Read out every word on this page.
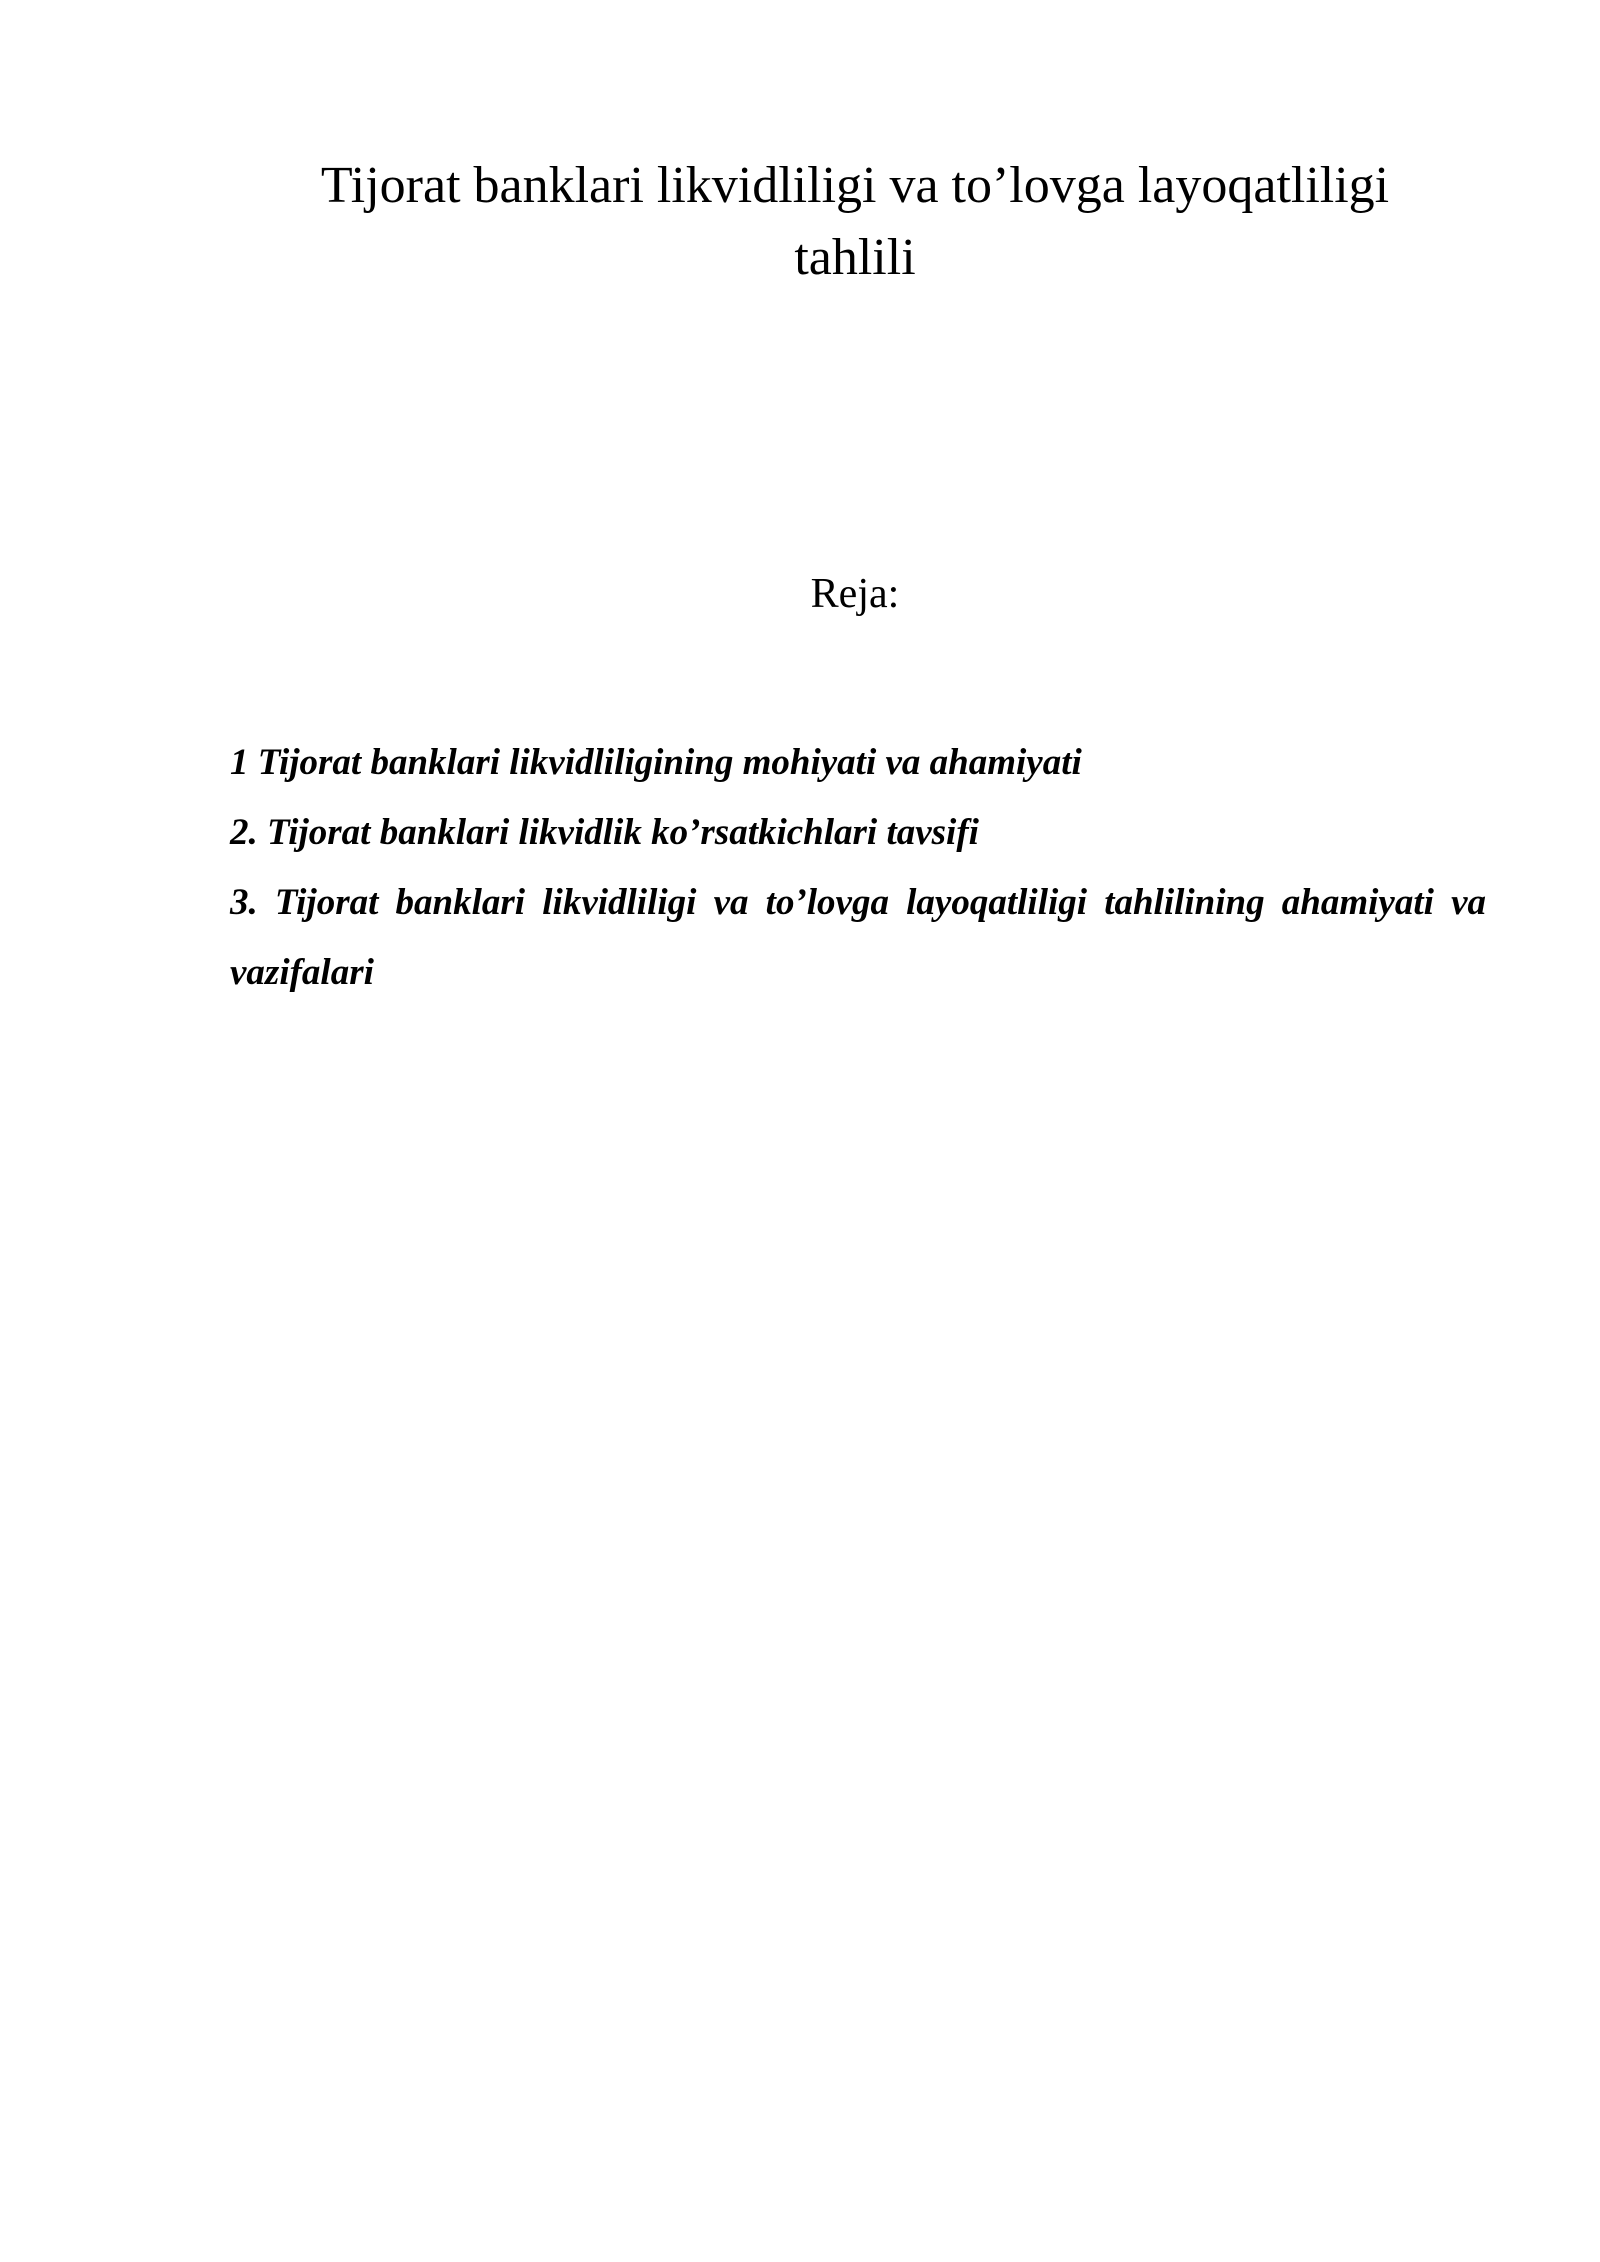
Tijorat banklari likvidliligi va to’lovga layoqatliligi
tahlili
Reja:
1 Tijorat banklari likvidliligining mohiyati va ahamiyati
2. Tijorat banklari likvidlik ko’rsatkichlari tavsifi
3. Tijorat banklari likvidliligi va to’lovga layoqatliligi tahlilining ahamiyati va vazifalari
